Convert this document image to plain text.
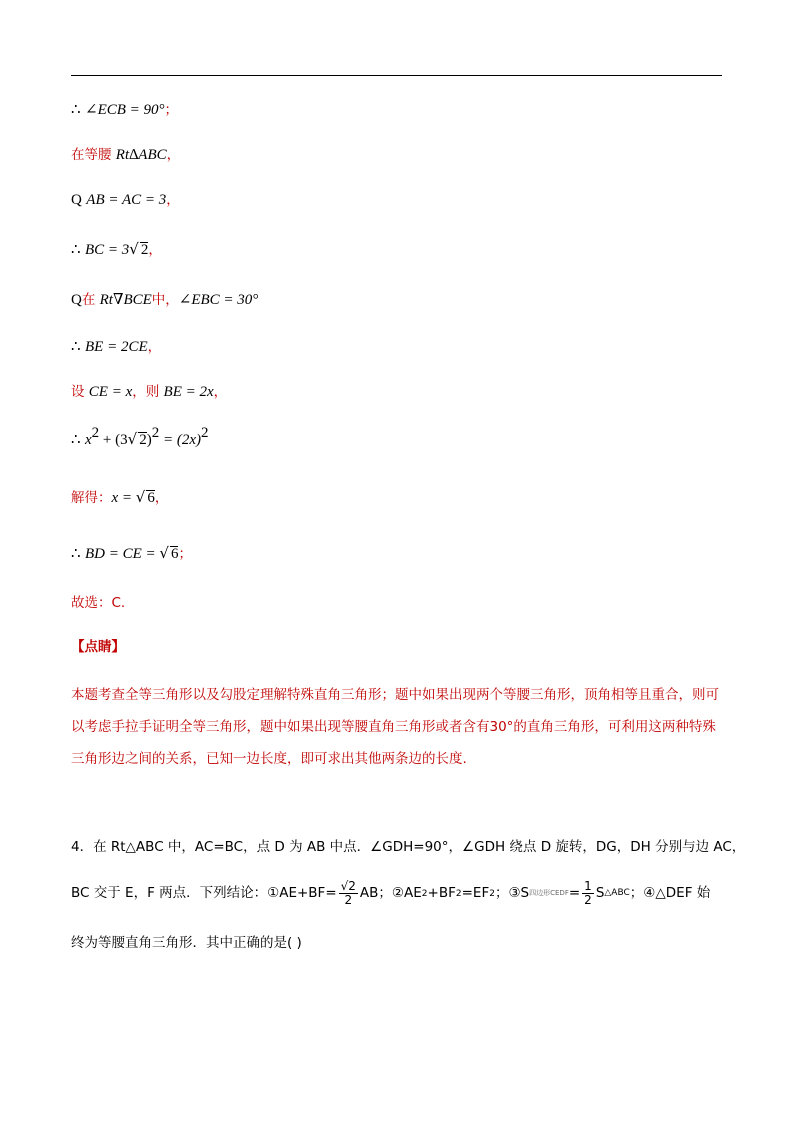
∴ ∠ECB = 90°；
在等腰 Rt∆ABC，
Q AB = AC = 3，
∴ BC = 3√ 2，
Q在 Rt∇BCE中，∠EBC = 30°
∴ BE = 2CE，
设 CE = x，则 BE = 2x，
∴ $x^2 + (3√$ $2)^2 = (2x)^2$
解得：x = √ 6，
∴ BD = CE = √ 6；
故选：C.
【点睛】
本题考查全等三角形以及勾股定理解特殊直角三角形；题中如果出现两个等腰三角形，顶角相等且重合，则可以考虑手拉手证明全等三角形，题中如果出现等腰直角三角形或者含有30°的直角三角形，可利用这两种特殊三角形边之间的关系，已知一边长度，即可求出其他两条边的长度.
4．在 Rt△ABC 中，AC=BC，点 D 为 AB 中点．∠GDH=90°，∠GDH 绕点 D 旋转，DG，DH 分别与边 AC，
BC 交于 E，F 两点．下列结论：①AE+BF= $\frac{√2}{2}$ AB；②AE 2 +BF 2 =EF 2 ；③S 四边形CEDF = $\frac{1}{2}$ S △ABC ；④△DEF 始
终为等腰直角三角形．其中正确的是( )
